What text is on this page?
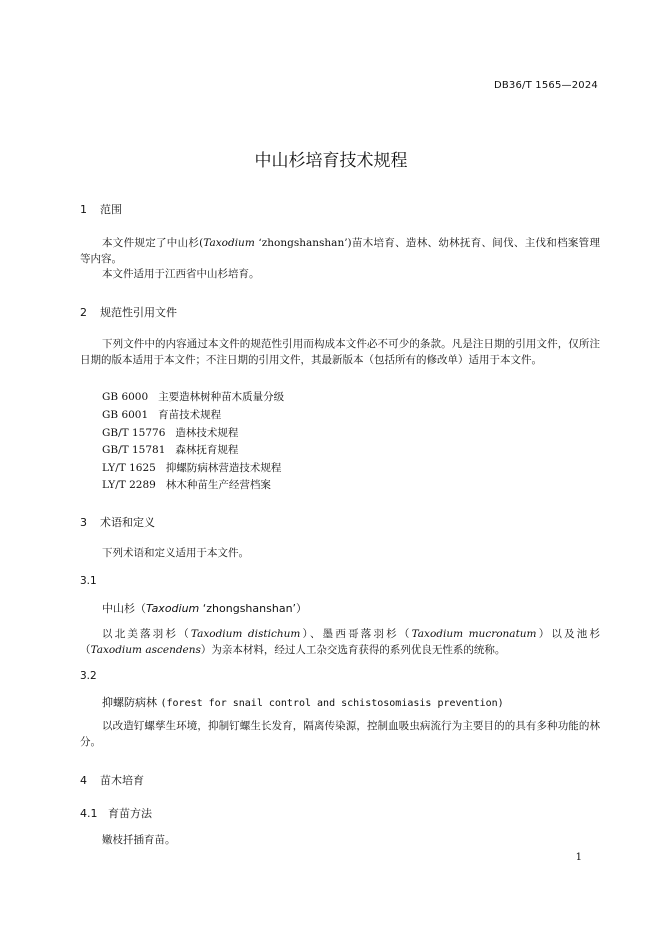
DB36/T 1565—2024
中山杉培育技术规程
1 范围
本文件规定了中山杉(Taxodium ‘zhongshanshan’)苗木培育、造林、幼林抚育、间伐、主伐和档案管理等内容。
本文件适用于江西省中山杉培育。
2 规范性引用文件
下列文件中的内容通过本文件的规范性引用而构成本文件必不可少的条款。凡是注日期的引用文件，仅所注日期的版本适用于本文件；不注日期的引用文件，其最新版本（包括所有的修改单）适用于本文件。
GB 6000 主要造林树种苗木质量分级
GB 6001 育苗技术规程
GB/T 15776 造林技术规程
GB/T 15781 森林抚育规程
LY/T 1625 抑螺防病林营造技术规程
LY/T 2289 林木种苗生产经营档案
3 术语和定义
下列术语和定义适用于本文件。
3.1
中山杉（Taxodium ‘zhongshanshan’）
以北美落羽杉（Taxodium distichum）、墨西哥落羽杉（Taxodium mucronatum）以及池杉（Taxodium ascendens）为亲本材料，经过人工杂交选育获得的系列优良无性系的统称。
3.2
抑螺防病林 (forest for snail control and schistosomiasis prevention)
以改造钉螺孳生环境，抑制钉螺生长发育，隔离传染源，控制血吸虫病流行为主要目的的具有多种功能的林分。
4 苗木培育
4.1 育苗方法
嫩枝扦插育苗。
1
